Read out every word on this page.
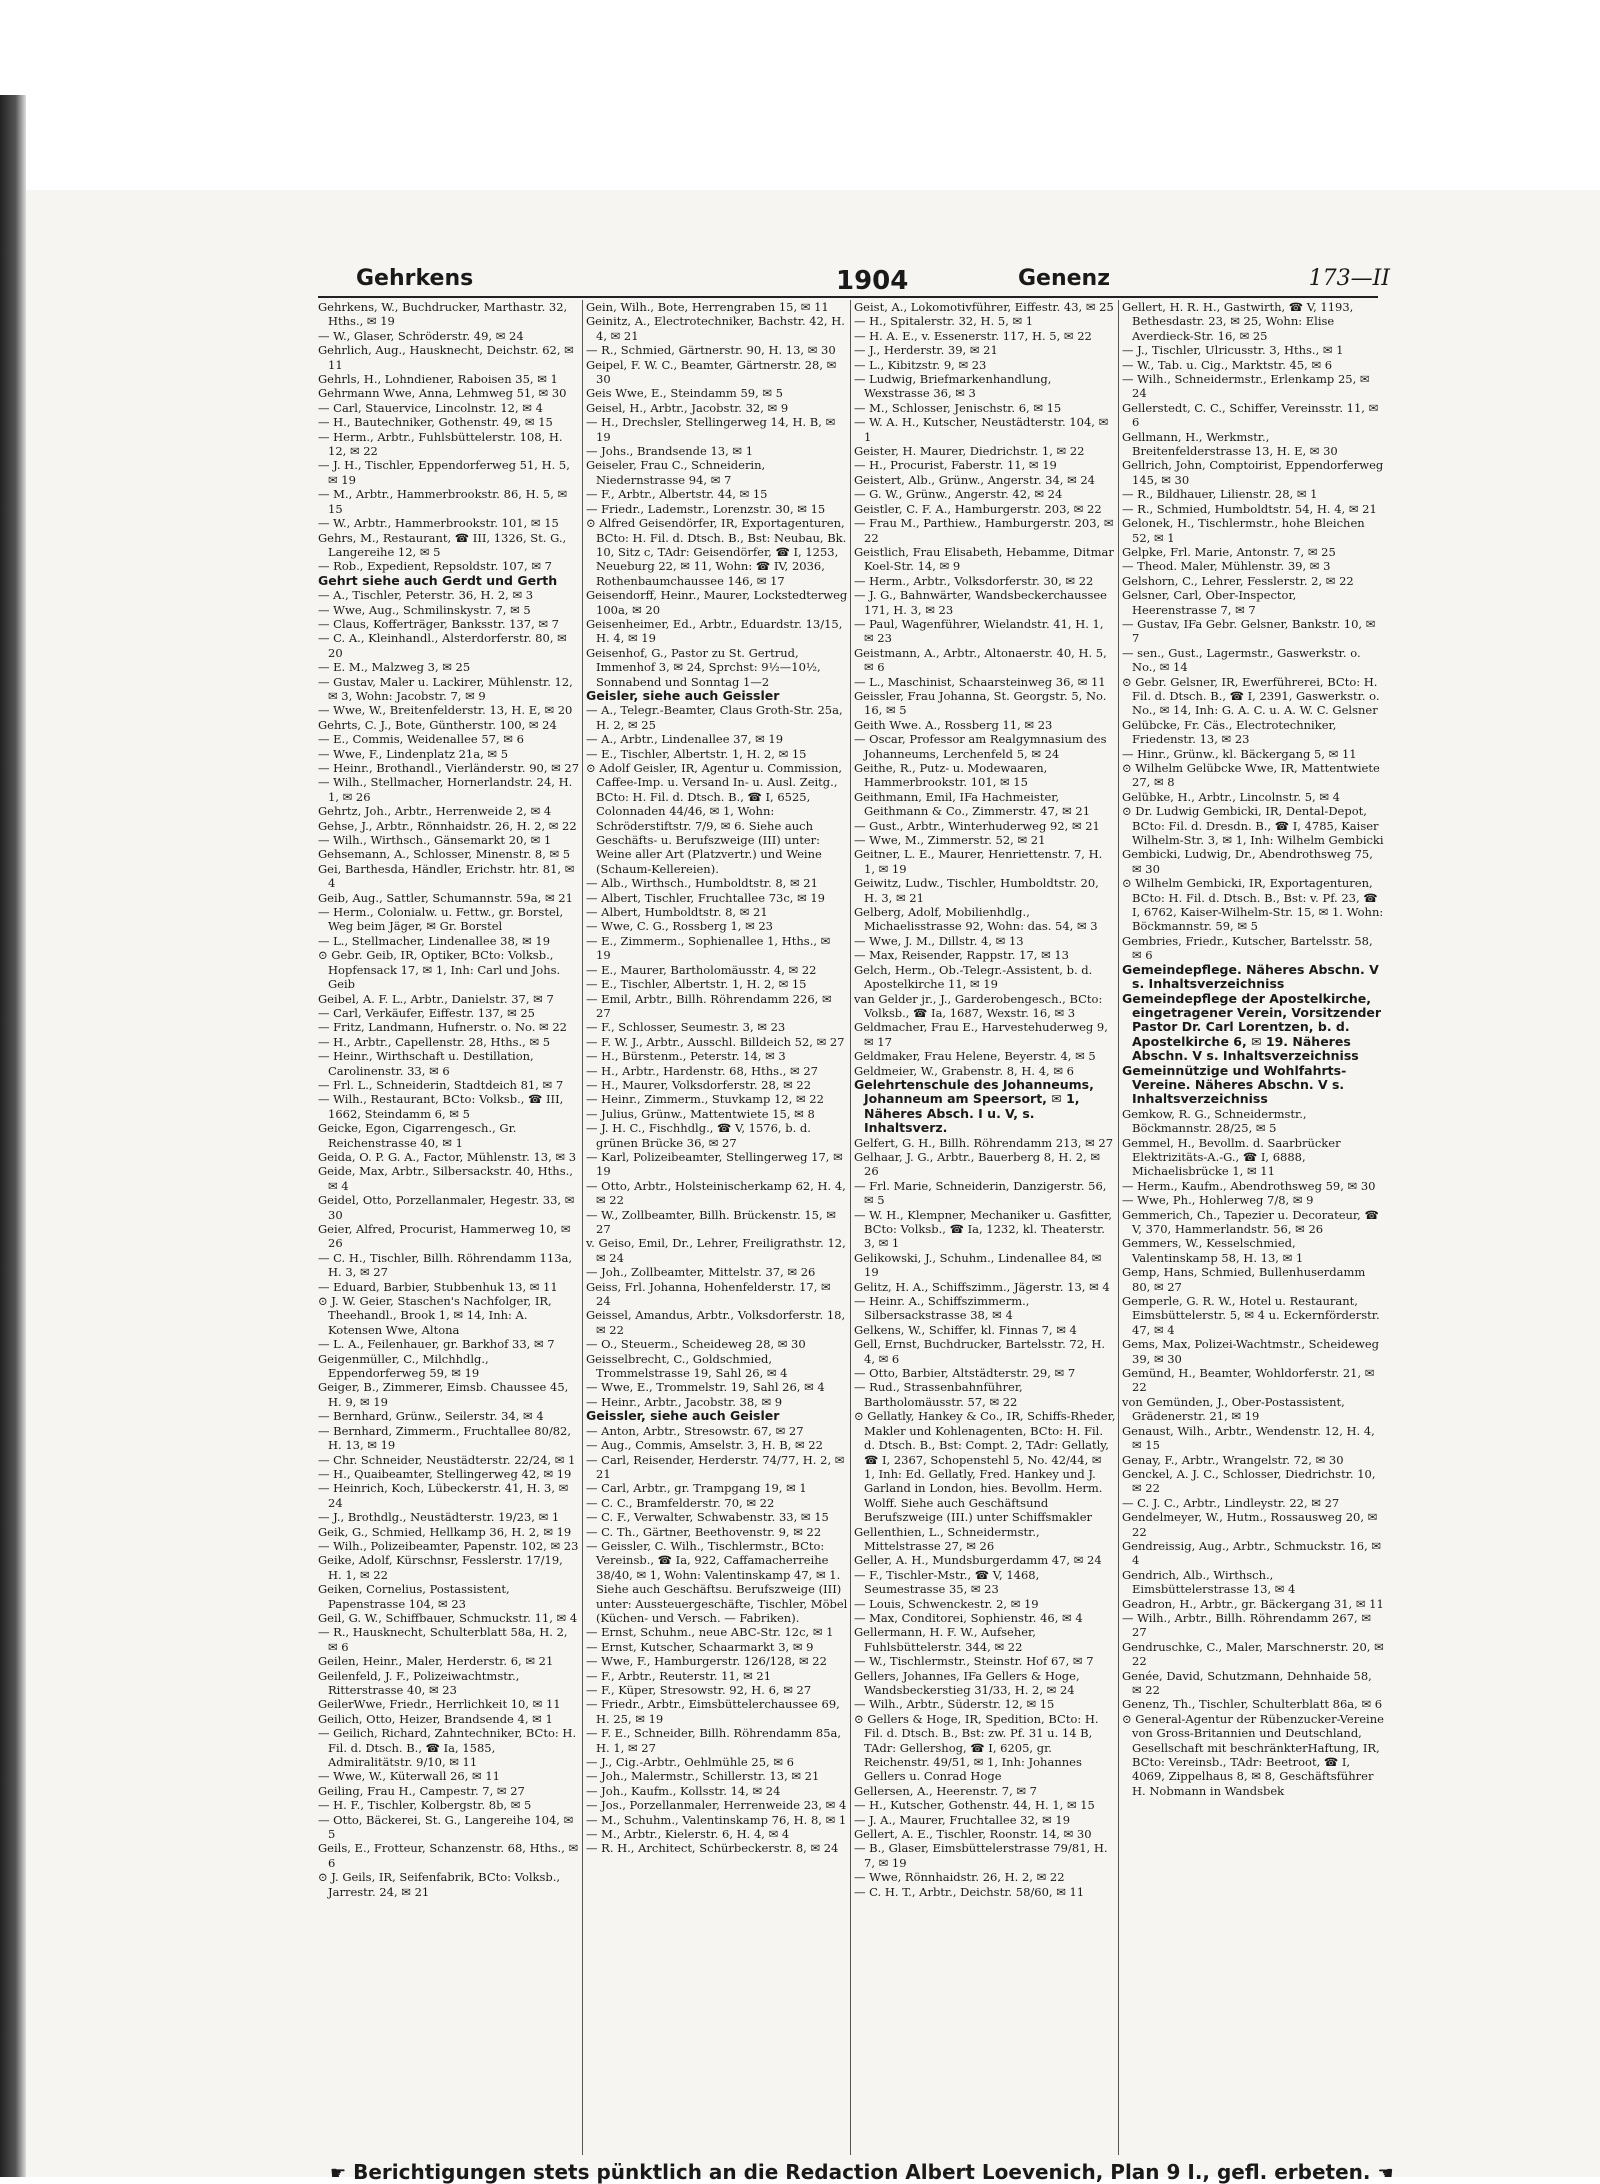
Gehrkens	1904	Genenz	173—II

Gehrkens, W., Buchdrucker, Marthastr. 32, Hths., ✉ 19

— W., Glaser, Schröderstr. 49, ✉ 24

Gehrlich, Aug., Hausknecht, Deichstr. 62, ✉ 11

Gehrls, H., Lohndiener, Raboisen 35, ✉ 1

Gehrmann Wwe, Anna, Lehmweg 51, ✉ 30

— Carl, Stauervice, Lincolnstr. 12, ✉ 4

— H., Bautechniker, Gothenstr. 49, ✉ 15

— Herm., Arbtr., Fuhlsbüttelerstr. 108, H. 12, ✉ 22

— J. H., Tischler, Eppendorferweg 51, H. 5, ✉ 19

— M., Arbtr., Hammerbrookstr. 86, H. 5, ✉ 15

— W., Arbtr., Hammerbrookstr. 101, ✉ 15

Gehrs, M., Restaurant, ☎ III, 1326, St. G., Langereihe 12, ✉ 5

— Rob., Expedient, Repsoldstr. 107, ✉ 7

Gehrt siehe auch Gerdt und Gerth

— A., Tischler, Peterstr. 36, H. 2, ✉ 3

— Wwe, Aug., Schmilinskystr. 7, ✉ 5

— Claus, Kofferträger, Banksstr. 137, ✉ 7

— C. A., Kleinhandl., Alsterdorferstr. 80, ✉ 20

— E. M., Malzweg 3, ✉ 25

— Gustav, Maler u. Lackirer, Mühlenstr. 12, ✉ 3, Wohn: Jacobstr. 7, ✉ 9

— Wwe, W., Breitenfelderstr. 13, H. E, ✉ 20

Gehrts, C. J., Bote, Güntherstr. 100, ✉ 24

— E., Commis, Weidenallee 57, ✉ 6

— Wwe, F., Lindenplatz 21a, ✉ 5

— Heinr., Brothandl., Vierländerstr. 90, ✉ 27

— Wilh., Stellmacher, Hornerlandstr. 24, H. 1, ✉ 26

Gehrtz, Joh., Arbtr., Herrenweide 2, ✉ 4

Gehse, J., Arbtr., Rönnhaidstr. 26, H. 2, ✉ 22

— Wilh., Wirthsch., Gänsemarkt 20, ✉ 1

Gehsemann, A., Schlosser, Minenstr. 8, ✉ 5

Gei, Barthesda, Händler, Erichstr. htr. 81, ✉ 4

Geib, Aug., Sattler, Schumannstr. 59a, ✉ 21

— Herm., Colonialw. u. Fettw., gr. Borstel, Weg beim Jäger, ✉ Gr. Borstel

— L., Stellmacher, Lindenallee 38, ✉ 19

⊙ Gebr. Geib, IR, Optiker, BCto: Volksb., Hopfensack 17, ✉ 1, Inh: Carl und Johs. Geib

Geibel, A. F. L., Arbtr., Danielstr. 37, ✉ 7

— Carl, Verkäufer, Eiffestr. 137, ✉ 25

— Fritz, Landmann, Hufnerstr. o. No. ✉ 22

— H., Arbtr., Capellenstr. 28, Hths., ✉ 5

— Heinr., Wirthschaft u. Destillation, Carolinenstr. 33, ✉ 6

— Frl. L., Schneiderin, Stadtdeich 81, ✉ 7

— Wilh., Restaurant, BCto: Volksb., ☎ III, 1662, Steindamm 6, ✉ 5

Geicke, Egon, Cigarrengesch., Gr. Reichenstrasse 40, ✉ 1

Geida, O. P. G. A., Factor, Mühlenstr. 13, ✉ 3

Geide, Max, Arbtr., Silbersackstr. 40, Hths., ✉ 4

Geidel, Otto, Porzellanmaler, Hegestr. 33, ✉ 30

Geier, Alfred, Procurist, Hammerweg 10, ✉ 26

— C. H., Tischler, Billh. Röhrendamm 113a, H. 3, ✉ 27

— Eduard, Barbier, Stubbenhuk 13, ✉ 11

⊙ J. W. Geier, Staschen's Nachfolger, IR, Theehandl., Brook 1, ✉ 14, Inh: A. Kotensen Wwe, Altona

— L. A., Feilenhauer, gr. Barkhof 33, ✉ 7

Geigenmüller, C., Milchhdlg., Eppendorferweg 59, ✉ 19

Geiger, B., Zimmerer, Eimsb. Chaussee 45, H. 9, ✉ 19

— Bernhard, Grünw., Seilerstr. 34, ✉ 4

— Bernhard, Zimmerm., Fruchtallee 80/82, H. 13, ✉ 19

— Chr. Schneider, Neustädterstr. 22/24, ✉ 1

— H., Quaibeamter, Stellingerweg 42, ✉ 19

— Heinrich, Koch, Lübeckerstr. 41, H. 3, ✉ 24

— J., Brothdlg., Neustädterstr. 19/23, ✉ 1

Geik, G., Schmied, Hellkamp 36, H. 2, ✉ 19

— Wilh., Polizeibeamter, Papenstr. 102, ✉ 23

Geike, Adolf, Kürschnsr, Fesslerstr. 17/19, H. 1, ✉ 22

Geiken, Cornelius, Postassistent, Papenstrasse 104, ✉ 23

Geil, G. W., Schiffbauer, Schmuckstr. 11, ✉ 4

— R., Hausknecht, Schulterblatt 58a, H. 2, ✉ 6

Geilen, Heinr., Maler, Herderstr. 6, ✉ 21

Geilenfeld, J. F., Polizeiwachtmstr., Ritterstrasse 40, ✉ 23

GeilerWwe, Friedr., Herrlichkeit 10, ✉ 11

Geilich, Otto, Heizer, Brandsende 4, ✉ 1

— Geilich, Richard, Zahntechniker, BCto: H. Fil. d. Dtsch. B., ☎ Ia, 1585, Admiralitätstr. 9/10, ✉ 11

— Wwe, W., Küterwall 26, ✉ 11

Geiling, Frau H., Campestr. 7, ✉ 27

— H. F., Tischler, Kolbergstr. 8b, ✉ 5

— Otto, Bäckerei, St. G., Langereihe 104, ✉ 5

Geils, E., Frotteur, Schanzenstr. 68, Hths., ✉ 6

⊙ J. Geils, IR, Seifenfabrik, BCto: Volksb., Jarrestr. 24, ✉ 21

Gein, Wilh., Bote, Herrengraben 15, ✉ 11

Geinitz, A., Electrotechniker, Bachstr. 42, H. 4, ✉ 21

— R., Schmied, Gärtnerstr. 90, H. 13, ✉ 30

Geipel, F. W. C., Beamter, Gärtnerstr. 28, ✉ 30

Geis Wwe, E., Steindamm 59, ✉ 5

Geisel, H., Arbtr., Jacobstr. 32, ✉ 9

— H., Drechsler, Stellingerweg 14, H. B, ✉ 19

— Johs., Brandsende 13, ✉ 1

Geiseler, Frau C., Schneiderin, Niedernstrasse 94, ✉ 7

— F., Arbtr., Albertstr. 44, ✉ 15

— Friedr., Lademstr., Lorenzstr. 30, ✉ 15

⊙ Alfred Geisendörfer, IR, Exportagenturen, BCto: H. Fil. d. Dtsch. B., Bst: Neubau, Bk. 10, Sitz c, TAdr: Geisendörfer, ☎ I, 1253, Neueburg 22, ✉ 11, Wohn: ☎ IV, 2036, Rothenbaumchaussee 146, ✉ 17

Geisendorff, Heinr., Maurer, Lockstedterweg 100a, ✉ 20

Geisenheimer, Ed., Arbtr., Eduardstr. 13/15, H. 4, ✉ 19

Geisenhof, G., Pastor zu St. Gertrud, Immenhof 3, ✉ 24, Sprchst: 9½—10½, Sonnabend und Sonntag 1—2

Geisler, siehe auch Geissler

— A., Telegr.-Beamter, Claus Groth-Str. 25a, H. 2, ✉ 25

— A., Arbtr., Lindenallee 37, ✉ 19

— E., Tischler, Albertstr. 1, H. 2, ✉ 15

⊙ Adolf Geisler, IR, Agentur u. Commission, Caffee-Imp. u. Versand In- u. Ausl. Zeitg., BCto: H. Fil. d. Dtsch. B., ☎ I, 6525, Colonnaden 44/46, ✉ 1, Wohn: Schröderstiftstr. 7/9, ✉ 6. Siehe auch Geschäfts- u. Berufszweige (III) unter: Weine aller Art (Platzvertr.) und Weine (Schaum-Kellereien).

— Alb., Wirthsch., Humboldtstr. 8, ✉ 21

— Albert, Tischler, Fruchtallee 73c, ✉ 19

— Albert, Humboldtstr. 8, ✉ 21

— Wwe, C. G., Rossberg 1, ✉ 23

— E., Zimmerm., Sophienallee 1, Hths., ✉ 19

— E., Maurer, Bartholomäusstr. 4, ✉ 22

— E., Tischler, Albertstr. 1, H. 2, ✉ 15

— Emil, Arbtr., Billh. Röhrendamm 226, ✉ 27

— F., Schlosser, Seumestr. 3, ✉ 23

— F. W. J., Arbtr., Ausschl. Billdeich 52, ✉ 27

— H., Bürstenm., Peterstr. 14, ✉ 3

— H., Arbtr., Hardenstr. 68, Hths., ✉ 27

— H., Maurer, Volksdorferstr. 28, ✉ 22

— Heinr., Zimmerm., Stuvkamp 12, ✉ 22

— Julius, Grünw., Mattentwiete 15, ✉ 8

— J. H. C., Fischhdlg., ☎ V, 1576, b. d. grünen Brücke 36, ✉ 27

— Karl, Polizeibeamter, Stellingerweg 17, ✉ 19

— Otto, Arbtr., Holsteinischerkamp 62, H. 4, ✉ 22

— W., Zollbeamter, Billh. Brückenstr. 15, ✉ 27

v. Geiso, Emil, Dr., Lehrer, Freiligrathstr. 12, ✉ 24

— Joh., Zollbeamter, Mittelstr. 37, ✉ 26

Geiss, Frl. Johanna, Hohenfelderstr. 17, ✉ 24

Geissel, Amandus, Arbtr., Volksdorferstr. 18, ✉ 22

— O., Steuerm., Scheideweg 28, ✉ 30

Geisselbrecht, C., Goldschmied, Trommelstrasse 19, Sahl 26, ✉ 4

— Wwe, E., Trommelstr. 19, Sahl 26, ✉ 4

— Heinr., Arbtr., Jacobstr. 38, ✉ 9

Geissler, siehe auch Geisler

— Anton, Arbtr., Stresowstr. 67, ✉ 27

— Aug., Commis, Amselstr. 3, H. B, ✉ 22

— Carl, Reisender, Herderstr. 74/77, H. 2, ✉ 21

— Carl, Arbtr., gr. Trampgang 19, ✉ 1

— C. C., Bramfelderstr. 70, ✉ 22

— C. F., Verwalter, Schwabenstr. 33, ✉ 15

— C. Th., Gärtner, Beethovenstr. 9, ✉ 22

— Geissler, C. Wilh., Tischlermstr., BCto: Vereinsb., ☎ Ia, 922, Caffamacherreihe 38/40, ✉ 1, Wohn: Valentinskamp 47, ✉ 1. Siehe auch Geschäftsu. Berufszweige (III) unter: Aussteuergeschäfte, Tischler, Möbel (Küchen- und Versch. — Fabriken).

— Ernst, Schuhm., neue ABC-Str. 12c, ✉ 1

— Ernst, Kutscher, Schaarmarkt 3, ✉ 9

— Wwe, F., Hamburgerstr. 126/128, ✉ 22

— F., Arbtr., Reuterstr. 11, ✉ 21

— F., Küper, Stresowstr. 92, H. 6, ✉ 27

— Friedr., Arbtr., Eimsbüttelerchaussee 69, H. 25, ✉ 19

— F. E., Schneider, Billh. Röhrendamm 85a, H. 1, ✉ 27

— J., Cig.-Arbtr., Oehlmühle 25, ✉ 6

— Joh., Malermstr., Schillerstr. 13, ✉ 21

— Joh., Kaufm., Kollsstr. 14, ✉ 24

— Jos., Porzellanmaler, Herrenweide 23, ✉ 4

— M., Schuhm., Valentinskamp 76, H. 8, ✉ 1

— M., Arbtr., Kielerstr. 6, H. 4, ✉ 4

— R. H., Architect, Schürbeckerstr. 8, ✉ 24

Geist, A., Lokomotivführer, Eiffestr. 43, ✉ 25

— H., Spitalerstr. 32, H. 5, ✉ 1

— H. A. E., v. Essenerstr. 117, H. 5, ✉ 22

— J., Herderstr. 39, ✉ 21

— L., Kibitzstr. 9, ✉ 23

— Ludwig, Briefmarkenhandlung, Wexstrasse 36, ✉ 3

— M., Schlosser, Jenischstr. 6, ✉ 15

— W. A. H., Kutscher, Neustädterstr. 104, ✉ 1

Geister, H. Maurer, Diedrichstr. 1, ✉ 22

— H., Procurist, Faberstr. 11, ✉ 19

Geistert, Alb., Grünw., Angerstr. 34, ✉ 24

— G. W., Grünw., Angerstr. 42, ✉ 24

Geistler, C. F. A., Hamburgerstr. 203, ✉ 22

— Frau M., Parthiew., Hamburgerstr. 203, ✉ 22

Geistlich, Frau Elisabeth, Hebamme, Ditmar Koel-Str. 14, ✉ 9

— Herm., Arbtr., Volksdorferstr. 30, ✉ 22

— J. G., Bahnwärter, Wandsbeckerchaussee 171, H. 3, ✉ 23

— Paul, Wagenführer, Wielandstr. 41, H. 1, ✉ 23

Geistmann, A., Arbtr., Altonaerstr. 40, H. 5, ✉ 6

— L., Maschinist, Schaarsteinweg 36, ✉ 11

Geissler, Frau Johanna, St. Georgstr. 5, No. 16, ✉ 5

Geith Wwe. A., Rossberg 11, ✉ 23

— Oscar, Professor am Realgymnasium des Johanneums, Lerchenfeld 5, ✉ 24

Geithe, R., Putz- u. Modewaaren, Hammerbrookstr. 101, ✉ 15

Geithmann, Emil, IFa Hachmeister, Geithmann & Co., Zimmerstr. 47, ✉ 21

— Gust., Arbtr., Winterhuderweg 92, ✉ 21

— Wwe, M., Zimmerstr. 52, ✉ 21

Geitner, L. E., Maurer, Henriettenstr. 7, H. 1, ✉ 19

Geiwitz, Ludw., Tischler, Humboldtstr. 20, H. 3, ✉ 21

Gelberg, Adolf, Mobilienhdlg., Michaelisstrasse 92, Wohn: das. 54, ✉ 3

— Wwe, J. M., Dillstr. 4, ✉ 13

— Max, Reisender, Rappstr. 17, ✉ 13

Gelch, Herm., Ob.-Telegr.-Assistent, b. d. Apostelkirche 11, ✉ 19

van Gelder jr., J., Garderobengesch., BCto: Volksb., ☎ Ia, 1687, Wexstr. 16, ✉ 3

Geldmacher, Frau E., Harvestehuderweg 9, ✉ 17

Geldmaker, Frau Helene, Beyerstr. 4, ✉ 5

Geldmeier, W., Grabenstr. 8, H. 4, ✉ 6

Gelehrtenschule des Johanneums, Johanneum am Speersort, ✉ 1, Näheres Absch. I u. V, s. Inhaltsverz.

Gelfert, G. H., Billh. Röhrendamm 213, ✉ 27

Gelhaar, J. G., Arbtr., Bauerberg 8, H. 2, ✉ 26

— Frl. Marie, Schneiderin, Danzigerstr. 56, ✉ 5

— W. H., Klempner, Mechaniker u. Gasfitter, BCto: Volksb., ☎ Ia, 1232, kl. Theaterstr. 3, ✉ 1

Gelikowski, J., Schuhm., Lindenallee 84, ✉ 19

Gelitz, H. A., Schiffszimm., Jägerstr. 13, ✉ 4

— Heinr. A., Schiffszimmerm., Silbersackstrasse 38, ✉ 4

Gelkens, W., Schiffer, kl. Finnas 7, ✉ 4

Gell, Ernst, Buchdrucker, Bartelsstr. 72, H. 4, ✉ 6

— Otto, Barbier, Altstädterstr. 29, ✉ 7

— Rud., Strassenbahnführer, Bartholomäusstr. 57, ✉ 22

⊙ Gellatly, Hankey & Co., IR, Schiffs-Rheder, Makler und Kohlenagenten, BCto: H. Fil. d. Dtsch. B., Bst: Compt. 2, TAdr: Gellatly, ☎ I, 2367, Schopenstehl 5, No. 42/44, ✉ 1, Inh: Ed. Gellatly, Fred. Hankey und J. Garland in London, hies. Bevollm. Herm. Wolff. Siehe auch Geschäftsund Berufszweige (III.) unter Schiffsmakler

Gellenthien, L., Schneidermstr., Mittelstrasse 27, ✉ 26

Geller, A. H., Mundsburgerdamm 47, ✉ 24

— F., Tischler-Mstr., ☎ V, 1468, Seumestrasse 35, ✉ 23

— Louis, Schwenckestr. 2, ✉ 19

— Max, Conditorei, Sophienstr. 46, ✉ 4

Gellermann, H. F. W., Aufseher, Fuhlsbüttelerstr. 344, ✉ 22

— W., Tischlermstr., Steinstr. Hof 67, ✉ 7

Gellers, Johannes, IFa Gellers & Hoge, Wandsbeckerstieg 31/33, H. 2, ✉ 24

— Wilh., Arbtr., Süderstr. 12, ✉ 15

⊙ Gellers & Hoge, IR, Spedition, BCto: H. Fil. d. Dtsch. B., Bst: zw. Pf. 31 u. 14 B, TAdr: Gellershog, ☎ I, 6205, gr. Reichenstr. 49/51, ✉ 1, Inh: Johannes Gellers u. Conrad Hoge

Gellersen, A., Heerenstr. 7, ✉ 7

— H., Kutscher, Gothenstr. 44, H. 1, ✉ 15

— J. A., Maurer, Fruchtallee 32, ✉ 19

Gellert, A. E., Tischler, Roonstr. 14, ✉ 30

— B., Glaser, Eimsbüttelerstrasse 79/81, H. 7, ✉ 19

— Wwe, Rönnhaidstr. 26, H. 2, ✉ 22

— C. H. T., Arbtr., Deichstr. 58/60, ✉ 11

Gellert, H. R. H., Gastwirth, ☎ V, 1193, Bethesdastr. 23, ✉ 25, Wohn: Elise Averdieck-Str. 16, ✉ 25

— J., Tischler, Ulricusstr. 3, Hths., ✉ 1

— W., Tab. u. Cig., Marktstr. 45, ✉ 6

— Wilh., Schneidermstr., Erlenkamp 25, ✉ 24

Gellerstedt, C. C., Schiffer, Vereinsstr. 11, ✉ 6

Gellmann, H., Werkmstr., Breitenfelderstrasse 13, H. E, ✉ 30

Gellrich, John, Comptoirist, Eppendorferweg 145, ✉ 30

— R., Bildhauer, Lilienstr. 28, ✉ 1

— R., Schmied, Humboldtstr. 54, H. 4, ✉ 21

Gelonek, H., Tischlermstr., hohe Bleichen 52, ✉ 1

Gelpke, Frl. Marie, Antonstr. 7, ✉ 25

— Theod. Maler, Mühlenstr. 39, ✉ 3

Gelshorn, C., Lehrer, Fesslerstr. 2, ✉ 22

Gelsner, Carl, Ober-Inspector, Heerenstrasse 7, ✉ 7

— Gustav, IFa Gebr. Gelsner, Bankstr. 10, ✉ 7

— sen., Gust., Lagermstr., Gaswerkstr. o. No., ✉ 14

⊙ Gebr. Gelsner, IR, Ewerführerei, BCto: H. Fil. d. Dtsch. B., ☎ I, 2391, Gaswerkstr. o. No., ✉ 14, Inh: G. A. C. u. A. W. C. Gelsner

Gelübcke, Fr. Cäs., Electrotechniker, Friedenstr. 13, ✉ 23

— Hinr., Grünw., kl. Bäckergang 5, ✉ 11

⊙ Wilhelm Gelübcke Wwe, IR, Mattentwiete 27, ✉ 8

Gelübke, H., Arbtr., Lincolnstr. 5, ✉ 4

⊙ Dr. Ludwig Gembicki, IR, Dental-Depot, BCto: Fil. d. Dresdn. B., ☎ I, 4785, Kaiser Wilhelm-Str. 3, ✉ 1, Inh: Wilhelm Gembicki

Gembicki, Ludwig, Dr., Abendrothsweg 75, ✉ 30

⊙ Wilhelm Gembicki, IR, Exportagenturen, BCto: H. Fil. d. Dtsch. B., Bst: v. Pf. 23, ☎ I, 6762, Kaiser-Wilhelm-Str. 15, ✉ 1. Wohn: Böckmannstr. 59, ✉ 5

Gembries, Friedr., Kutscher, Bartelsstr. 58, ✉ 6

Gemeindepflege. Näheres Abschn. V s. Inhaltsverzeichniss

Gemeindepflege der Apostelkirche, eingetragener Verein, Vorsitzender Pastor Dr. Carl Lorentzen, b. d. Apostelkirche 6, ✉ 19. Näheres Abschn. V s. Inhaltsverzeichniss

Gemeinnützige und Wohlfahrts-Vereine. Näheres Abschn. V s. Inhaltsverzeichniss

Gemkow, R. G., Schneidermstr., Böckmannstr. 28/25, ✉ 5

Gemmel, H., Bevollm. d. Saarbrücker Elektrizitäts-A.-G., ☎ I, 6888, Michaelisbrücke 1, ✉ 11

— Herm., Kaufm., Abendrothsweg 59, ✉ 30

— Wwe, Ph., Hohlerweg 7/8, ✉ 9

Gemmerich, Ch., Tapezier u. Decorateur, ☎ V, 370, Hammerlandstr. 56, ✉ 26

Gemmers, W., Kesselschmied, Valentinskamp 58, H. 13, ✉ 1

Gemp, Hans, Schmied, Bullenhuserdamm 80, ✉ 27

Gemperle, G. R. W., Hotel u. Restaurant, Eimsbüttelerstr. 5, ✉ 4 u. Eckernförderstr. 47, ✉ 4

Gems, Max, Polizei-Wachtmstr., Scheideweg 39, ✉ 30

Gemünd, H., Beamter, Wohldorferstr. 21, ✉ 22

von Gemünden, J., Ober-Postassistent, Grädenerstr. 21, ✉ 19

Genaust, Wilh., Arbtr., Wendenstr. 12, H. 4, ✉ 15

Genay, F., Arbtr., Wrangelstr. 72, ✉ 30

Genckel, A. J. C., Schlosser, Diedrichstr. 10, ✉ 22

— C. J. C., Arbtr., Lindleystr. 22, ✉ 27

Gendelmeyer, W., Hutm., Rossausweg 20, ✉ 22

Gendreissig, Aug., Arbtr., Schmuckstr. 16, ✉ 4

Gendrich, Alb., Wirthsch., Eimsbüttelerstrasse 13, ✉ 4

Geadron, H., Arbtr., gr. Bäckergang 31, ✉ 11

— Wilh., Arbtr., Billh. Röhrendamm 267, ✉ 27

Gendruschke, C., Maler, Marschnerstr. 20, ✉ 22

Genée, David, Schutzmann, Dehnhaide 58, ✉ 22

Genenz, Th., Tischler, Schulterblatt 86a, ✉ 6

⊙ General-Agentur der Rübenzucker-Vereine von Gross-Britannien und Deutschland, Gesellschaft mit beschränkterHaftung, IR, BCto: Vereinsb., TAdr: Beetroot, ☎ I, 4069, Zippelhaus 8, ✉ 8, Geschäftsführer H. Nobmann in Wandsbek

☛ Berichtigungen stets pünktlich an die Redaction Albert Loevenich, Plan 9 I., gefl. erbeten. ☚
